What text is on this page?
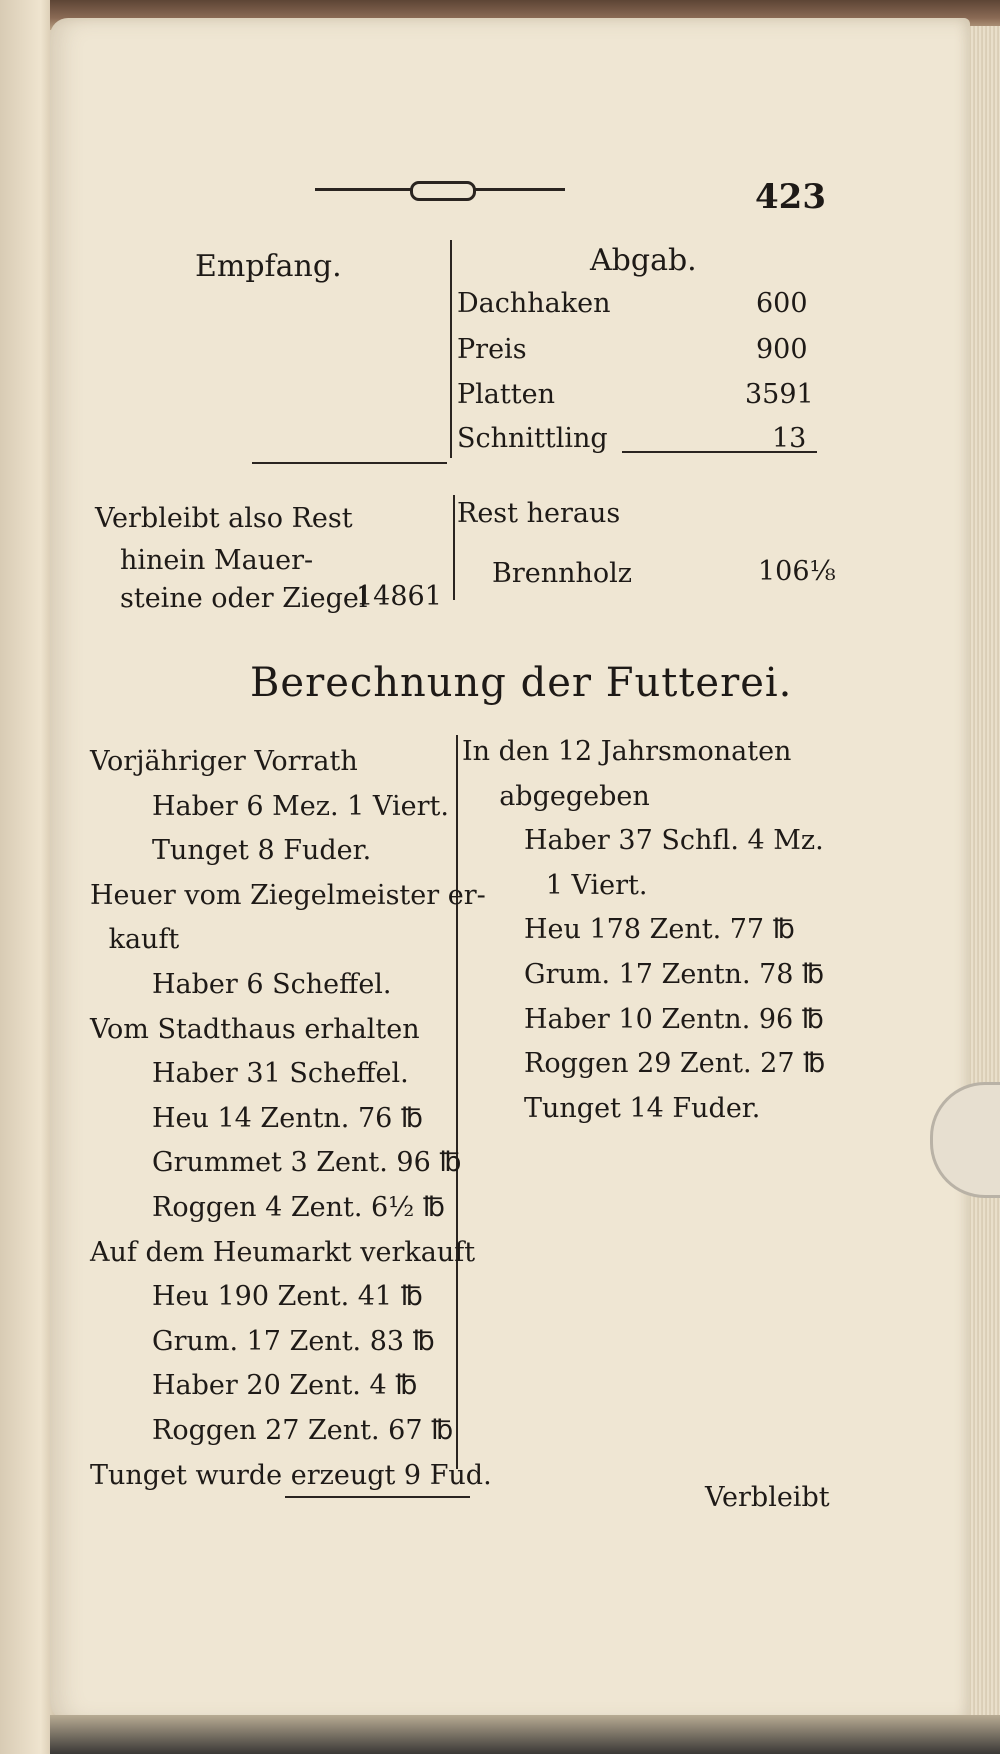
423
Empfang.	Abgab.
Dachhaken	600
Preis	900
Platten	3591
Schnittling	13
Rest heraus
Brennholz	106⅛
Verbleibt also Rest
hinein Mauer-
steine oder Ziegel
14861
Berechnung der Futterei.
Vorjähriger Vorrath
Haber 6 Mez. 1 Viert.
Tunget 8 Fuder.
Heuer vom Ziegelmeister er-
kauft
Haber 6 Scheffel.
Vom Stadthaus erhalten
Haber 31 Scheffel.
Heu 14 Zentn. 76 ℔
Grummet 3 Zent. 96 ℔
Roggen 4 Zent. 6½ ℔
Auf dem Heumarkt verkauft
Heu 190 Zent. 41 ℔
Grum. 17 Zent. 83 ℔
Haber 20 Zent. 4 ℔
Roggen 27 Zent. 67 ℔
Tunget wurde erzeugt 9 Fud.
In den 12 Jahrsmonaten
abgegeben
Haber 37 Schfl. 4 Mz.
1 Viert.
Heu 178 Zent. 77 ℔
Grum. 17 Zentn. 78 ℔
Haber 10 Zentn. 96 ℔
Roggen 29 Zent. 27 ℔
Tunget 14 Fuder.
Verbleibt
